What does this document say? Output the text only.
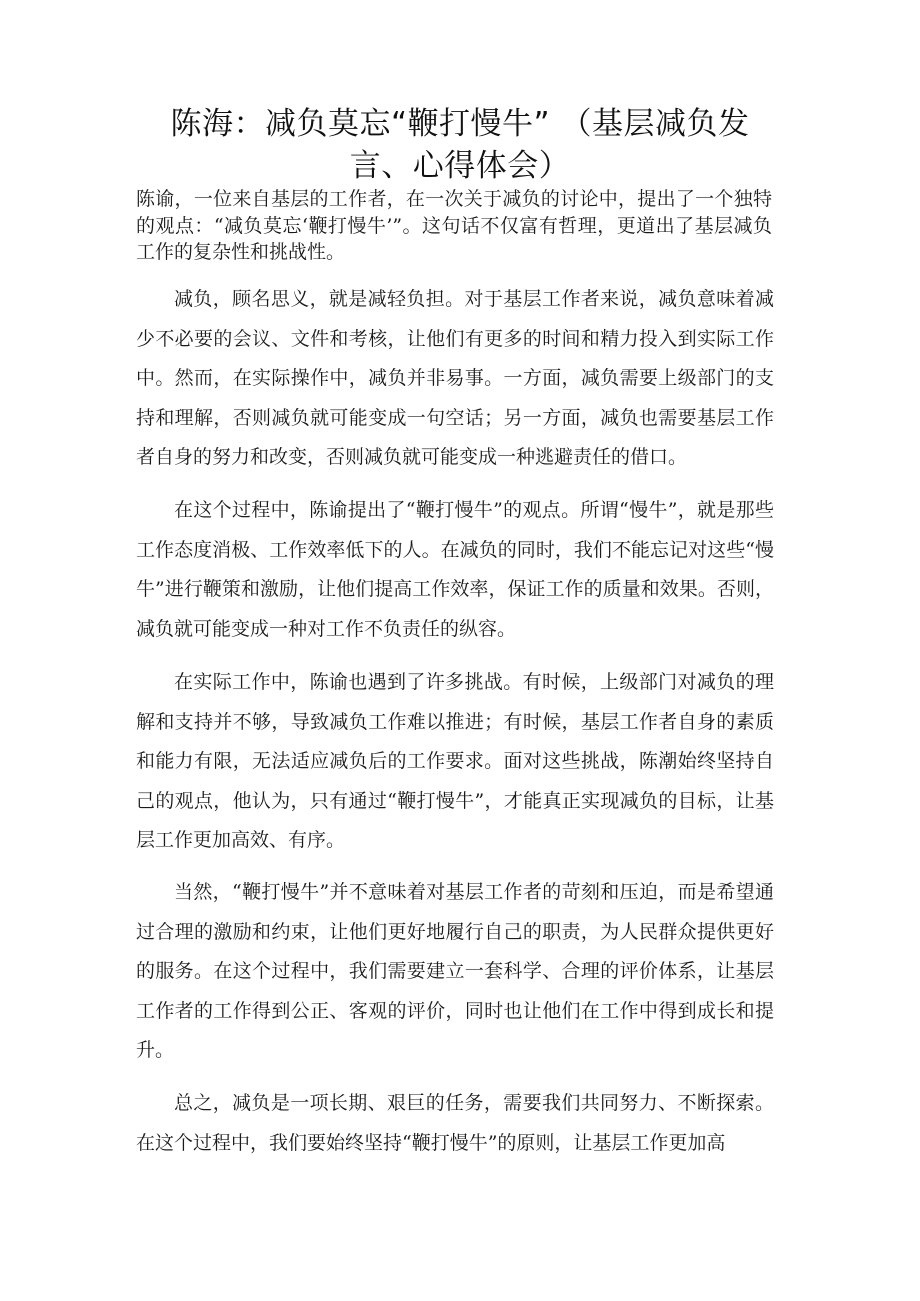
陈海：减负莫忘“鞭打慢牛” （基层减负发言、心得体会）

陈谕，一位来自基层的工作者，在一次关于减负的讨论中，提出了一个独特的观点：“减负莫忘‘鞭打慢牛’”。这句话不仅富有哲理，更道出了基层减负工作的复杂性和挑战性。

减负，顾名思义，就是减轻负担。对于基层工作者来说，减负意味着减少不必要的会议、文件和考核，让他们有更多的时间和精力投入到实际工作中。然而，在实际操作中，减负并非易事。一方面，减负需要上级部门的支持和理解，否则减负就可能变成一句空话；另一方面，减负也需要基层工作者自身的努力和改变，否则减负就可能变成一种逃避责任的借口。

在这个过程中，陈谕提出了“鞭打慢牛”的观点。所谓“慢牛”，就是那些工作态度消极、工作效率低下的人。在减负的同时，我们不能忘记对这些“慢牛”进行鞭策和激励，让他们提高工作效率，保证工作的质量和效果。否则，减负就可能变成一种对工作不负责任的纵容。

在实际工作中，陈谕也遇到了许多挑战。有时候，上级部门对减负的理解和支持并不够，导致减负工作难以推进；有时候，基层工作者自身的素质和能力有限，无法适应减负后的工作要求。面对这些挑战，陈潮始终坚持自己的观点，他认为，只有通过“鞭打慢牛”，才能真正实现减负的目标，让基层工作更加高效、有序。

当然，“鞭打慢牛”并不意味着对基层工作者的苛刻和压迫，而是希望通过合理的激励和约束，让他们更好地履行自己的职责，为人民群众提供更好的服务。在这个过程中，我们需要建立一套科学、合理的评价体系，让基层工作者的工作得到公正、客观的评价，同时也让他们在工作中得到成长和提升。

总之，减负是一项长期、艰巨的任务，需要我们共同努力、不断探索。在这个过程中，我们要始终坚持“鞭打慢牛”的原则，让基层工作更加高
